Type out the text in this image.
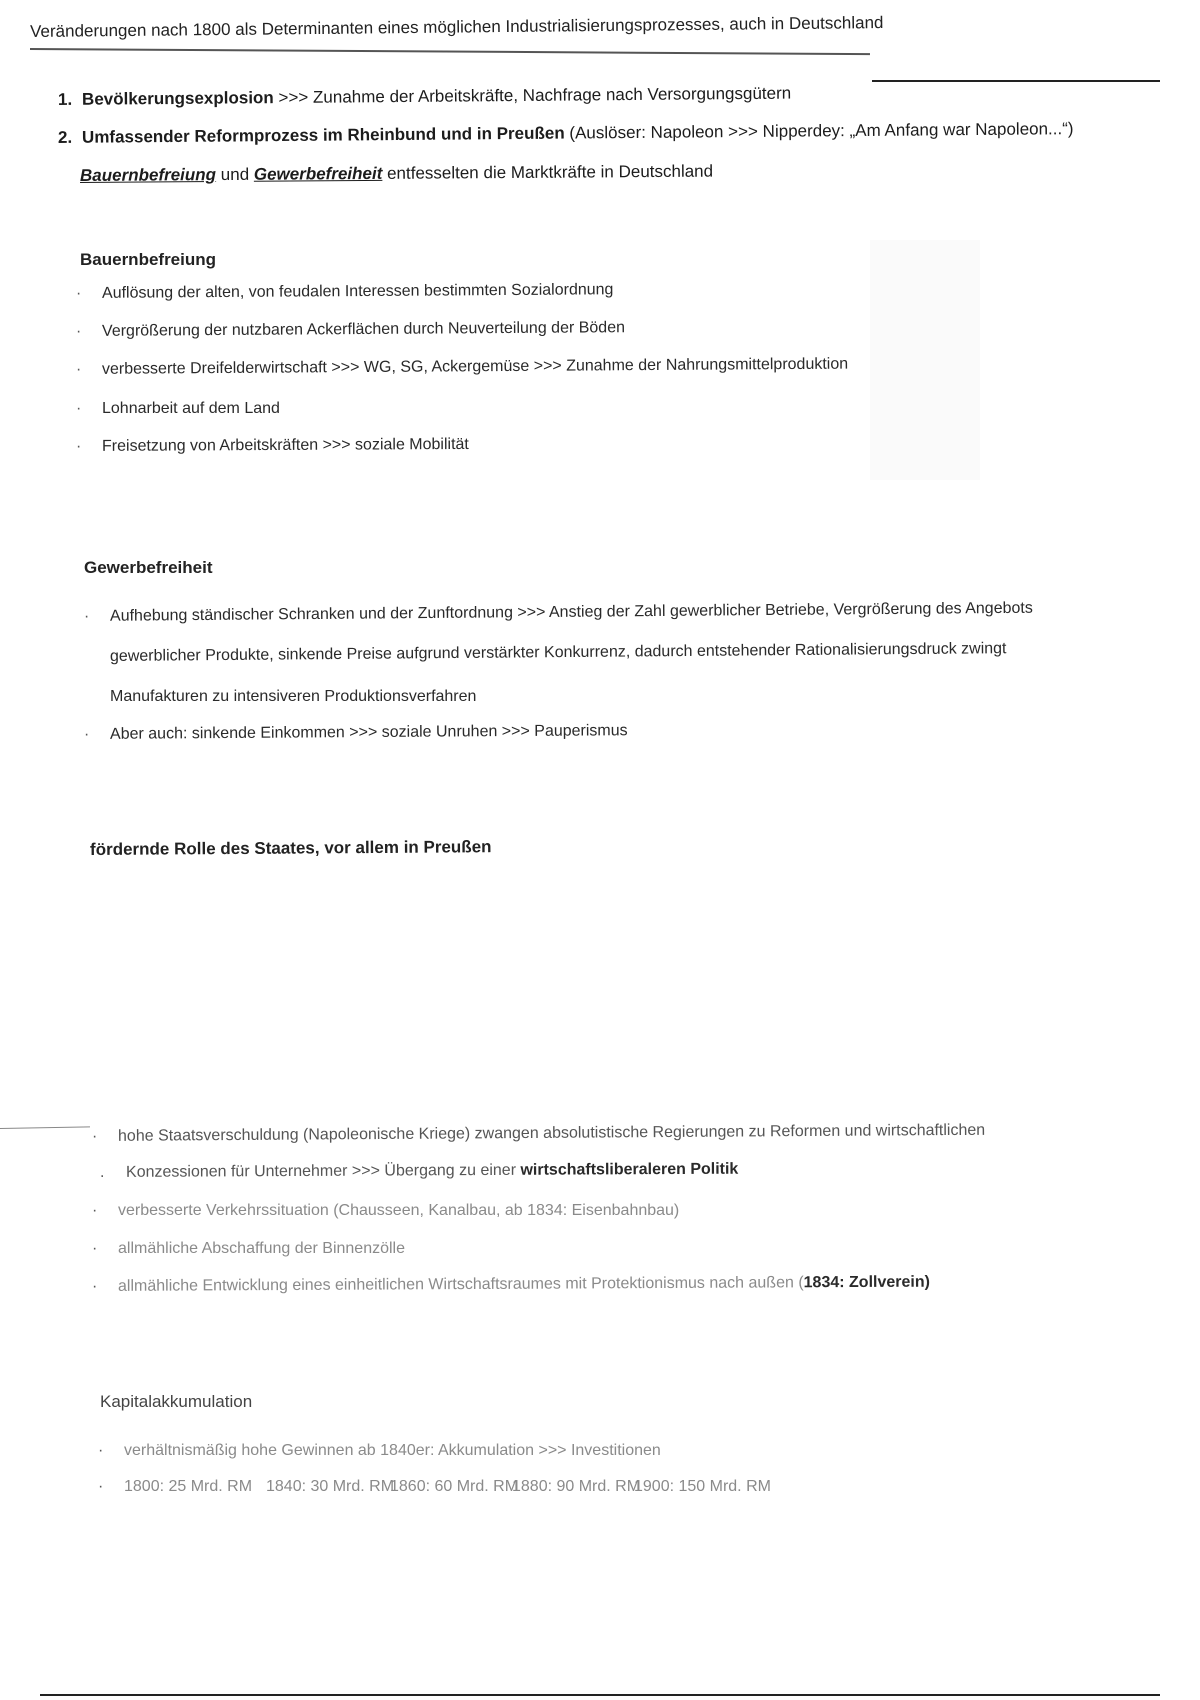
Veränderungen nach 1800 als Determinanten eines möglichen Industrialisierungsprozesses, auch in Deutschland
1. Bevölkerungsexplosion >>> Zunahme der Arbeitskräfte, Nachfrage nach Versorgungsgütern
2. Umfassender Reformprozess im Rheinbund und in Preußen (Auslöser: Napoleon >>> Nipperdey: „Am Anfang war Napoleon...“)
Bauernbefreiung und Gewerbefreiheit entfesselten die Marktkräfte in Deutschland
Bauernbefreiung
· Auflösung der alten, von feudalen Interessen bestimmten Sozialordnung
· Vergrößerung der nutzbaren Ackerflächen durch Neuverteilung der Böden
· verbesserte Dreifelderwirtschaft >>> WG, SG, Ackergemüse >>> Zunahme der Nahrungsmittelproduktion
· Lohnarbeit auf dem Land
· Freisetzung von Arbeitskräften >>> soziale Mobilität
Gewerbefreiheit
· Aufhebung ständischer Schranken und der Zunftordnung >>> Anstieg der Zahl gewerblicher Betriebe, Vergrößerung des Angebots
gewerblicher Produkte, sinkende Preise aufgrund verstärkter Konkurrenz, dadurch entstehender Rationalisierungsdruck zwingt
Manufakturen zu intensiveren Produktionsverfahren
· Aber auch: sinkende Einkommen >>> soziale Unruhen >>> Pauperismus
fördernde Rolle des Staates, vor allem in Preußen
· hohe Staatsverschuldung (Napoleonische Kriege) zwangen absolutistische Regierungen zu Reformen und wirtschaftlichen
. Konzessionen für Unternehmer >>> Übergang zu einer wirtschaftsliberaleren Politik
· verbesserte Verkehrssituation (Chausseen, Kanalbau, ab 1834: Eisenbahnbau)
· allmähliche Abschaffung der Binnenzölle
· allmähliche Entwicklung eines einheitlichen Wirtschaftsraumes mit Protektionismus nach außen (1834: Zollverein)
Kapitalakkumulation
· verhältnismäßig hohe Gewinnen ab 1840er: Akkumulation >>> Investitionen
· 1800: 25 Mrd. RM 1840: 30 Mrd. RM
1860: 60 Mrd. RM
1880: 90 Mrd. RM
1900: 150 Mrd. RM
